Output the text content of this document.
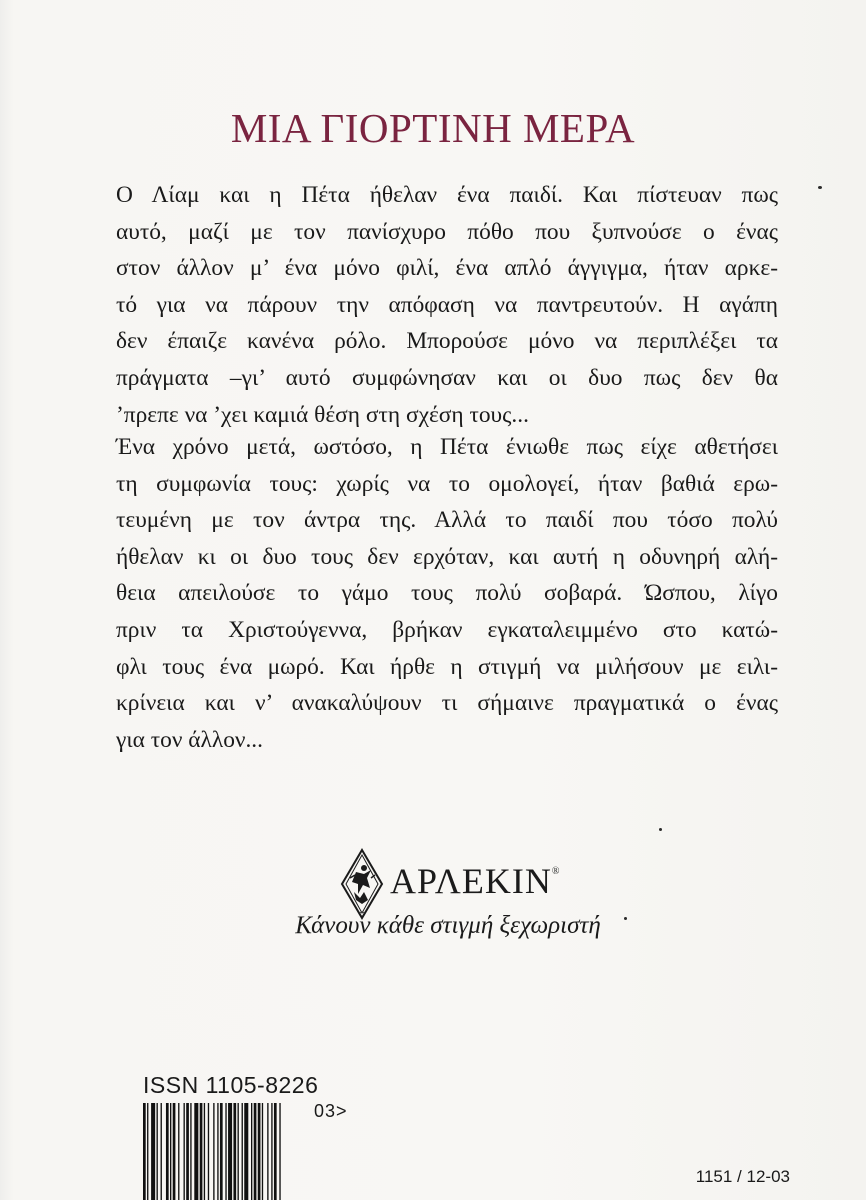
ΜΙΑ ΓΙΟΡΤΙΝΗ ΜΕΡΑ
Ο Λίαμ και η Πέτα ήθελαν ένα παιδί. Και πίστευαν πως
αυτό, μαζί με τον πανίσχυρο πόθο που ξυπνούσε ο ένας
στον άλλον μ’ ένα μόνο φιλί, ένα απλό άγγιγμα, ήταν αρκε-
τό για να πάρουν την απόφαση να παντρευτούν. Η αγάπη
δεν έπαιζε κανένα ρόλο. Μπορούσε μόνο να περιπλέξει τα
πράγματα –γι’ αυτό συμφώνησαν και οι δυο πως δεν θα
’πρεπε να ’χει καμιά θέση στη σχέση τους...
Ένα χρόνο μετά, ωστόσο, η Πέτα ένιωθε πως είχε αθετήσει
τη συμφωνία τους: χωρίς να το ομολογεί, ήταν βαθιά ερω-
τευμένη με τον άντρα της. Αλλά το παιδί που τόσο πολύ
ήθελαν κι οι δυο τους δεν ερχόταν, και αυτή η οδυνηρή αλή-
θεια απειλούσε το γάμο τους πολύ σοβαρά. Ώσπου, λίγο
πριν τα Χριστούγεννα, βρήκαν εγκαταλειμμένο στο κατώ-
φλι τους ένα μωρό. Και ήρθε η στιγμή να μιλήσουν με ειλι-
κρίνεια και ν’ ανακαλύψουν τι σήμαινε πραγματικά ο ένας
για τον άλλον...
ΑΡΛΕΚΙΝ®
Κάνουν κάθε στιγμή ξεχωριστή
ISSN 1105-8226
03>
1151 / 12-03
